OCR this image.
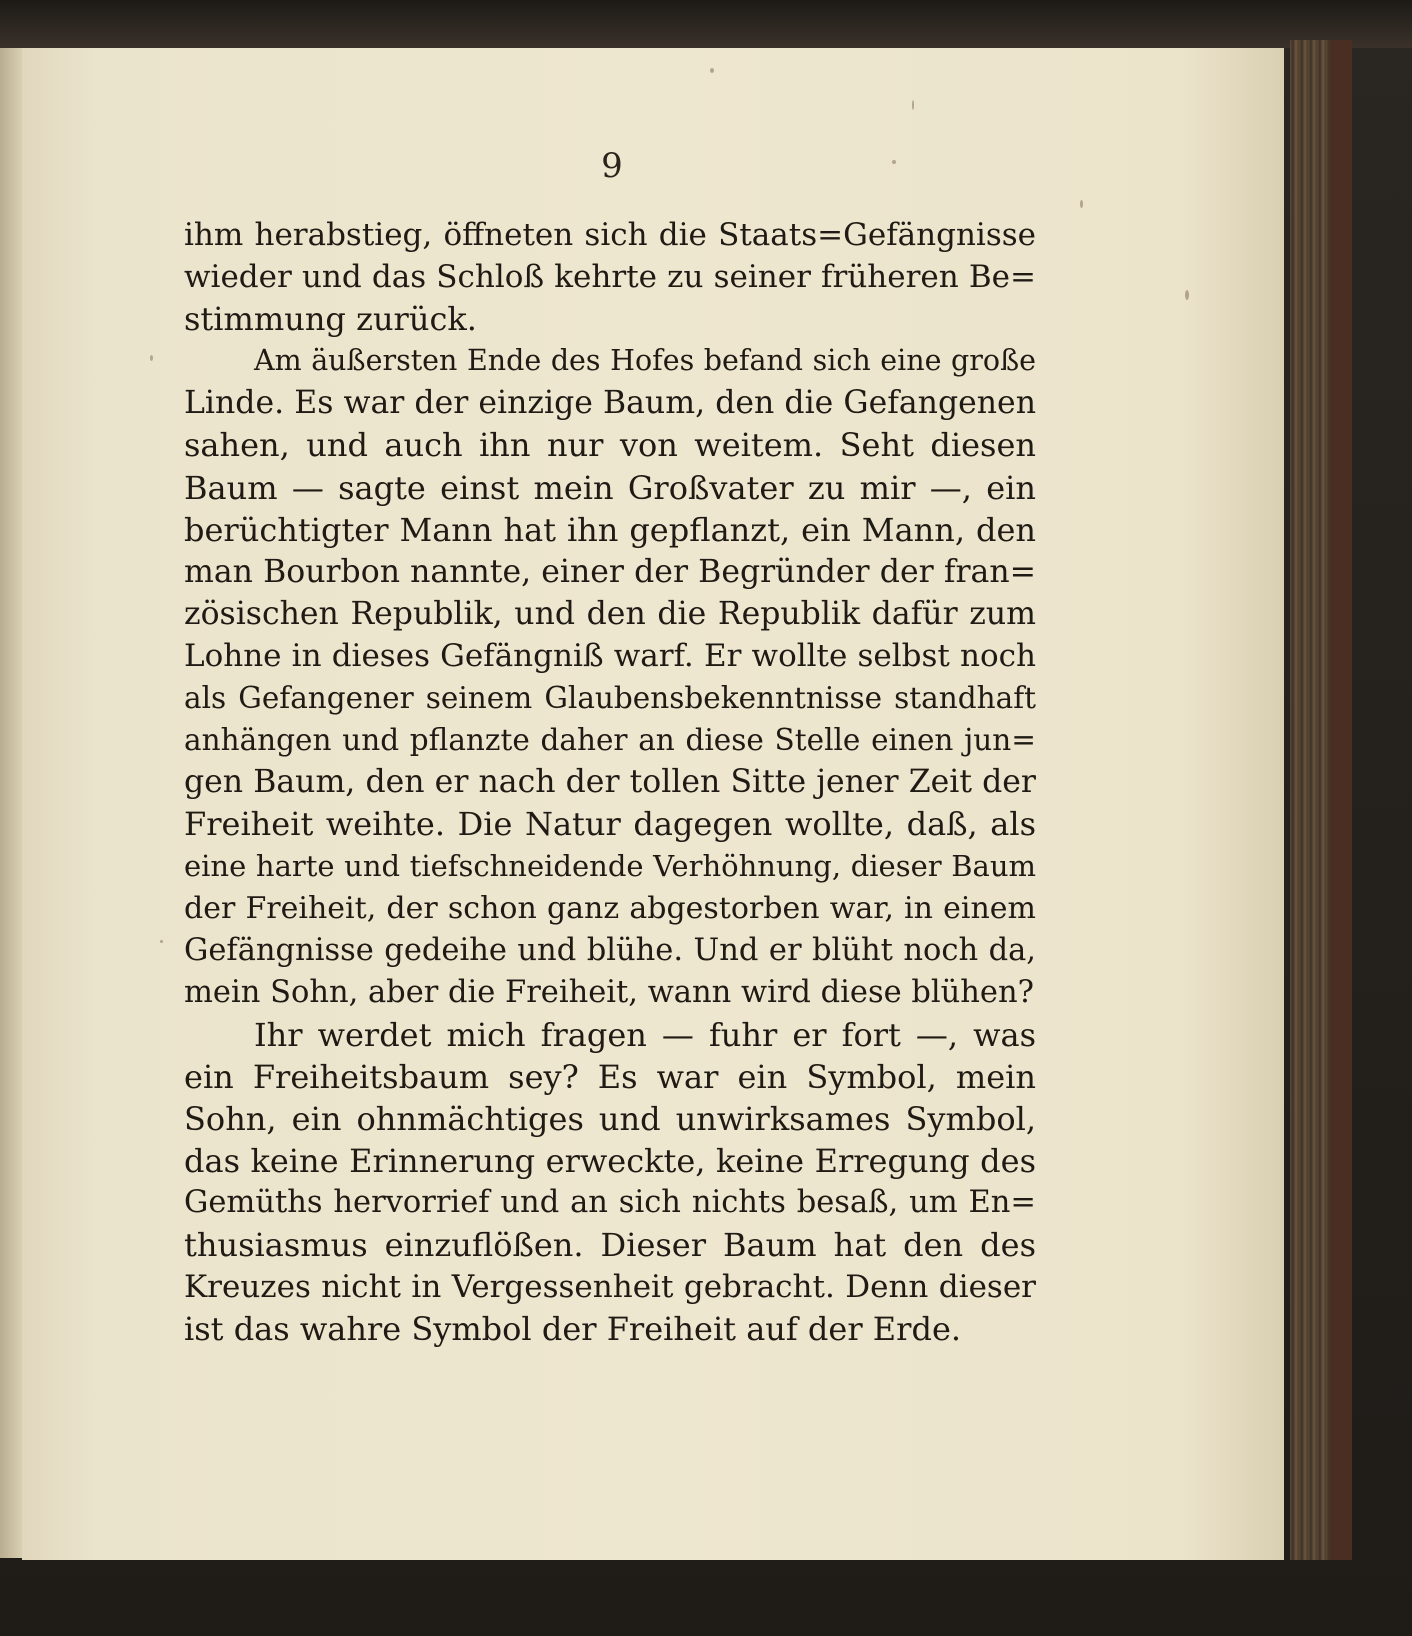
9
ihm herabstieg, öffneten sich die Staats=Gefängnisse
wieder und das Schloß kehrte zu seiner früheren Be=
stimmung zurück.
Am äußersten Ende des Hofes befand sich eine große
Linde. Es war der einzige Baum, den die Gefangenen
sahen, und auch ihn nur von weitem. Seht diesen
Baum — sagte einst mein Großvater zu mir —, ein
berüchtigter Mann hat ihn gepflanzt, ein Mann, den
man Bourbon nannte, einer der Begründer der fran=
zösischen Republik, und den die Republik dafür zum
Lohne in dieses Gefängniß warf. Er wollte selbst noch
als Gefangener seinem Glaubensbekenntnisse standhaft
anhängen und pflanzte daher an diese Stelle einen jun=
gen Baum, den er nach der tollen Sitte jener Zeit der
Freiheit weihte. Die Natur dagegen wollte, daß, als
eine harte und tiefschneidende Verhöhnung, dieser Baum
der Freiheit, der schon ganz abgestorben war, in einem
Gefängnisse gedeihe und blühe. Und er blüht noch da,
mein Sohn, aber die Freiheit, wann wird diese blühen?
Ihr werdet mich fragen — fuhr er fort —, was
ein Freiheitsbaum sey? Es war ein Symbol, mein
Sohn, ein ohnmächtiges und unwirksames Symbol,
das keine Erinnerung erweckte, keine Erregung des
Gemüths hervorrief und an sich nichts besaß, um En=
thusiasmus einzuflößen. Dieser Baum hat den des
Kreuzes nicht in Vergessenheit gebracht. Denn dieser
ist das wahre Symbol der Freiheit auf der Erde.
